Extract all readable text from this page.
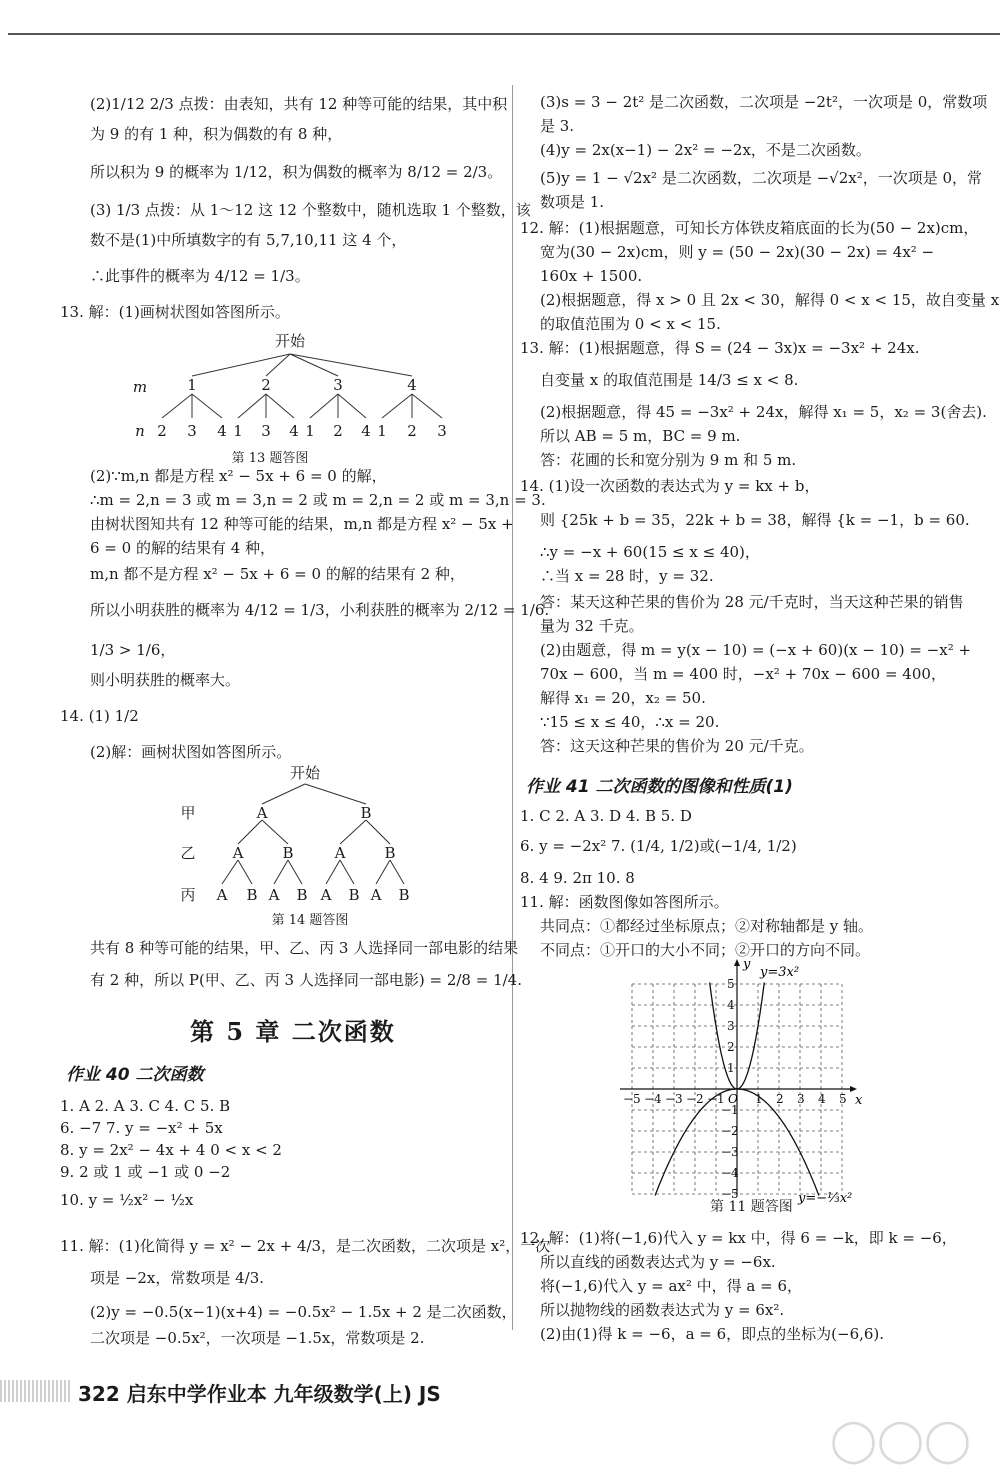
(2)1/12 2/3 点拨：由表知，共有 12 种等可能的结果，其中积
为 9 的有 1 种，积为偶数的有 8 种，
所以积为 9 的概率为 1/12，积为偶数的概率为 8/12 = 2/3。
(3) 1/3 点拨：从 1～12 这 12 个整数中，随机选取 1 个整数，该
数不是(1)中所填数字的有 5,7,10,11 这 4 个，
∴此事件的概率为 4/12 = 1/3。
13. 解：(1)画树状图如答图所示。
开始
m
n
1	2	3	4
2 3 4 1 3 4 1 2 4 1 2 3
第 13 题答图
(2)∵m,n 都是方程 x² − 5x + 6 = 0 的解，
∴m = 2,n = 3 或 m = 3,n = 2 或 m = 2,n = 2 或 m = 3,n = 3.
由树状图知共有 12 种等可能的结果，m,n 都是方程 x² − 5x +
6 = 0 的解的结果有 4 种，
m,n 都不是方程 x² − 5x + 6 = 0 的解的结果有 2 种，
所以小明获胜的概率为 4/12 = 1/3，小利获胜的概率为 2/12 = 1/6.
1/3 > 1/6，
则小明获胜的概率大。
14. (1) 1/2
(2)解：画树状图如答图所示。
开始
甲
乙
丙
A	B
A	B	A	B
A B A B A B A B
第 14 题答图
共有 8 种等可能的结果，甲、乙、丙 3 人选择同一部电影的结果
有 2 种，所以 P(甲、乙、丙 3 人选择同一部电影) = 2/8 = 1/4.
第 5 章 二次函数
作业 40 二次函数
1. A 2. A 3. C 4. C 5. B
6. −7 7. y = −x² + 5x
8. y = 2x² − 4x + 4 0 < x < 2
9. 2 或 1 或 −1 或 0 −2
10. y = ½x² − ½x
11. 解：(1)化简得 y = x² − 2x + 4/3，是二次函数，二次项是 x²，一次
项是 −2x，常数项是 4/3.
(2)y = −0.5(x−1)(x+4) = −0.5x² − 1.5x + 2 是二次函数，
二次项是 −0.5x²，一次项是 −1.5x，常数项是 2.
(3)s = 3 − 2t² 是二次函数，二次项是 −2t²，一次项是 0，常数项
是 3.
(4)y = 2x(x−1) − 2x² = −2x，不是二次函数。
(5)y = 1 − √2x² 是二次函数，二次项是 −√2x²，一次项是 0，常
数项是 1.
12. 解：(1)根据题意，可知长方体铁皮箱底面的长为(50 − 2x)cm，
宽为(30 − 2x)cm，则 y = (50 − 2x)(30 − 2x) = 4x² −
160x + 1500.
(2)根据题意，得 x > 0 且 2x < 30，解得 0 < x < 15，故自变量 x
的取值范围为 0 < x < 15.
13. 解：(1)根据题意，得 S = (24 − 3x)x = −3x² + 24x.
自变量 x 的取值范围是 14/3 ≤ x < 8.
(2)根据题意，得 45 = −3x² + 24x，解得 x₁ = 5，x₂ = 3(舍去).
所以 AB = 5 m，BC = 9 m.
答：花圃的长和宽分别为 9 m 和 5 m.
14. (1)设一次函数的表达式为 y = kx + b，
则 {25k + b = 35，22k + b = 38，解得 {k = −1，b = 60.
∴y = −x + 60(15 ≤ x ≤ 40)，
∴当 x = 28 时，y = 32.
答：某天这种芒果的售价为 28 元/千克时，当天这种芒果的销售
量为 32 千克。
(2)由题意，得 m = y(x − 10) = (−x + 60)(x − 10) = −x² +
70x − 600，当 m = 400 时，−x² + 70x − 600 = 400，
解得 x₁ = 20，x₂ = 50.
∵15 ≤ x ≤ 40，∴x = 20.
答：这天这种芒果的售价为 20 元/千克。
作业 41 二次函数的图像和性质(1)
1. C 2. A 3. D 4. B 5. D
6. y = −2x² 7. (1/4, 1/2)或(−1/4, 1/2)
8. 4 9. 2π 10. 8
11. 解：函数图像如答图所示。
共同点：①都经过坐标原点；②对称轴都是 y 轴。
不同点：①开口的大小不同；②开口的方向不同。
−5 −4 −3 −2 −1	1 2 3 4 5
5
4
3
2
1
−1
−2
−3
−4
−5
y=3x²
y=−⅓x²
x
y
O
第 11 题答图
12. 解：(1)将(−1,6)代入 y = kx 中，得 6 = −k，即 k = −6，
所以直线的函数表达式为 y = −6x.
将(−1,6)代入 y = ax² 中，得 a = 6，
所以抛物线的函数表达式为 y = 6x².
(2)由(1)得 k = −6，a = 6，即点的坐标为(−6,6).
322 启东中学作业本 九年级数学(上) JS
◯◯◯
